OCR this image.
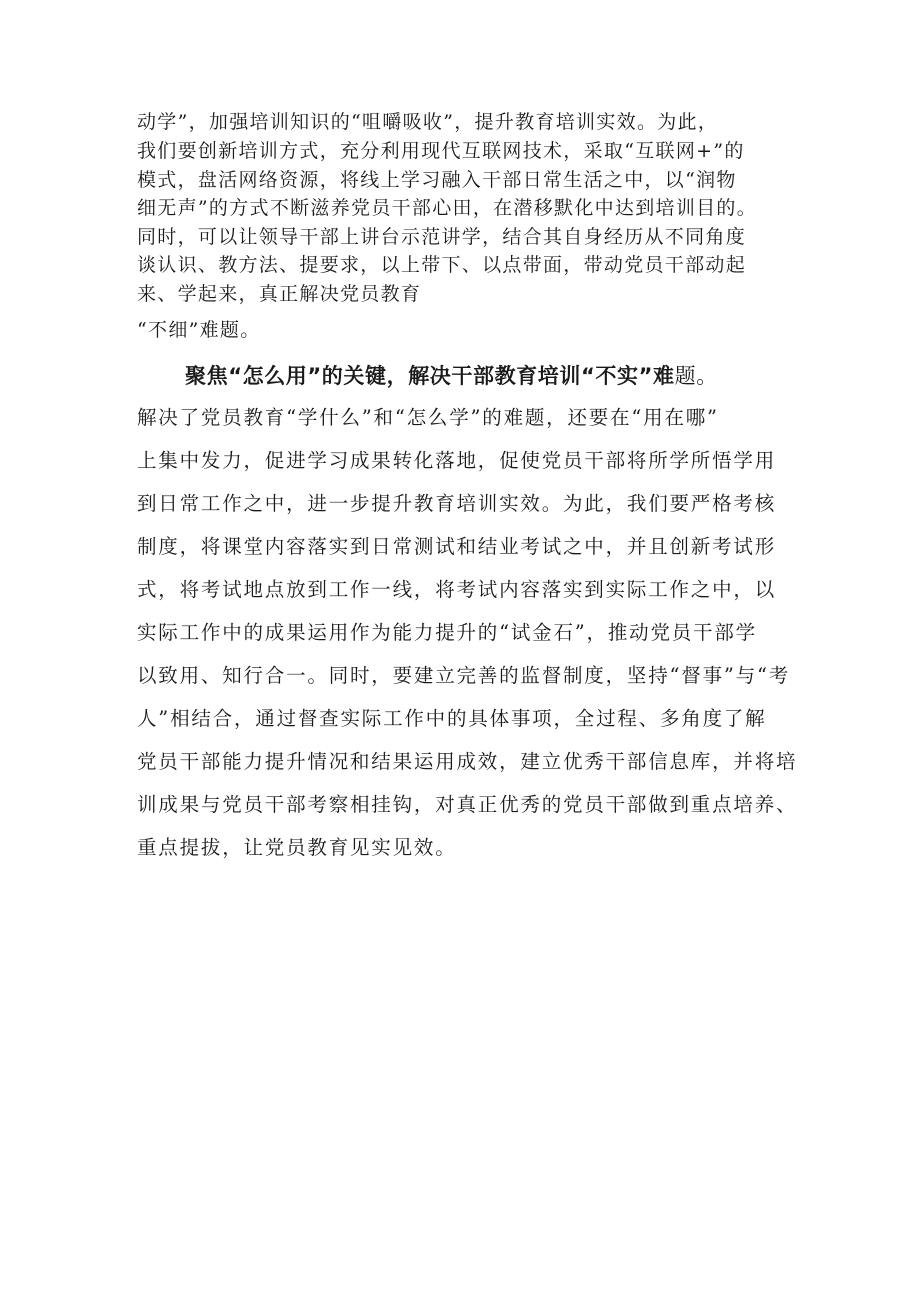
动学”，加强培训知识的“咀嚼吸收”，提升教育培训实效。为此，
我们要创新培训方式，充分利用现代互联网技术，采取“互联网+”的
模式，盘活网络资源，将线上学习融入干部日常生活之中，以“润物
细无声”的方式不断滋养党员干部心田，在潜移默化中达到培训目的。
同时，可以让领导干部上讲台示范讲学，结合其自身经历从不同角度
谈认识、教方法、提要求，以上带下、以点带面，带动党员干部动起
来、学起来，真正解决党员教育
“不细”难题。
聚焦“怎么用”的关键，解决干部教育培训“不实”难题。
解决了党员教育“学什么”和“怎么学”的难题，还要在“用在哪”
上集中发力，促进学习成果转化落地，促使党员干部将所学所悟学用
到日常工作之中，进一步提升教育培训实效。为此，我们要严格考核
制度，将课堂内容落实到日常测试和结业考试之中，并且创新考试形
式，将考试地点放到工作一线，将考试内容落实到实际工作之中，以
实际工作中的成果运用作为能力提升的“试金石”，推动党员干部学
以致用、知行合一。同时，要建立完善的监督制度，坚持“督事”与“考
人”相结合，通过督查实际工作中的具体事项，全过程、多角度了解
党员干部能力提升情况和结果运用成效，建立优秀干部信息库，并将培
训成果与党员干部考察相挂钩，对真正优秀的党员干部做到重点培养、
重点提拔，让党员教育见实见效。
